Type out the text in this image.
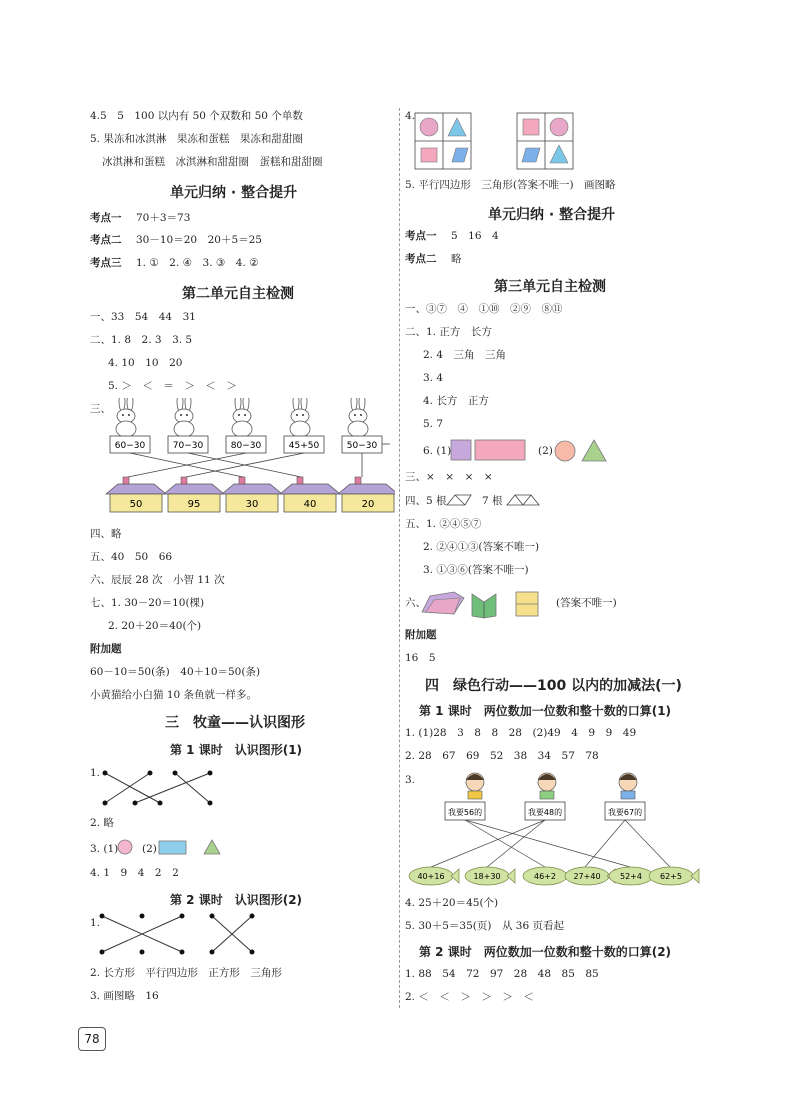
4.5　5　100 以内有 50 个双数和 50 个单数
5. 果冻和冰淇淋　果冻和蛋糕　果冻和甜甜圈
冰淇淋和蛋糕　冰淇淋和甜甜圈　蛋糕和甜甜圈
单元归纳 · 整合提升
考点一 70＋3＝73
考点二 30－10＝20　20＋5＝25
考点三 1. ①　2. ④　3. ③　4. ②
第二单元自主检测
一、33　54　44　31
二、1. 8　2. 3　3. 5
4. 10　10　20
5. ＞　＜　＝　＞　＜　＞
三、
60−30	70−30	80−30	45+50	50−30
50	95	30	40	20
四、略
五、40　50　66
六、辰辰 28 次　小智 11 次
七、1. 30－20＝10(棵)
2. 20＋20＝40(个)
附加题
60－10＝50(条)　40＋10＝50(条)
小黄猫给小白猫 10 条鱼就一样多。
三　牧童——认识图形
第 1 课时　认识图形(1)
1.
2. 略
3. (1) (2)
4. 1　9　4　2　2
第 2 课时　认识图形(2)
1.
2. 长方形　平行四边形　正方形　三角形
3. 画图略　16
78
4.
5. 平行四边形　三角形(答案不唯一)　画图略
单元归纳 · 整合提升
考点一 5　16　4
考点二 略
第三单元自主检测
一、③⑦　④　①⑩　②⑨　⑧⑪
二、1. 正方　长方
2. 4　三角　三角
3. 4
4. 长方　正方
5. 7
6. (1)	(2)
三、×　×　×　×
四、5 根	7 根
五、1. ②④⑤⑦
2. ②④①③(答案不唯一)
3. ①③⑥(答案不唯一)
六、	(答案不唯一)
附加题
16　5
四　绿色行动——100 以内的加减法(一)
第 1 课时　两位数加一位数和整十数的口算(1)
1. (1)28　3　8　8　28　(2)49　4　9　9　49
2. 28　67　69　52　38　34　57　78
3.
我要56的	我要48的	我要67的
40+16	18+30	46+2 27+40 52+4 62+5
4. 25＋20＝45(个)
5. 30＋5＝35(页)　从 36 页看起
第 2 课时　两位数加一位数和整十数的口算(2)
1. 88　54　72　97　28　48　85　85
2. ＜　＜　＞　＞　＞　＜
